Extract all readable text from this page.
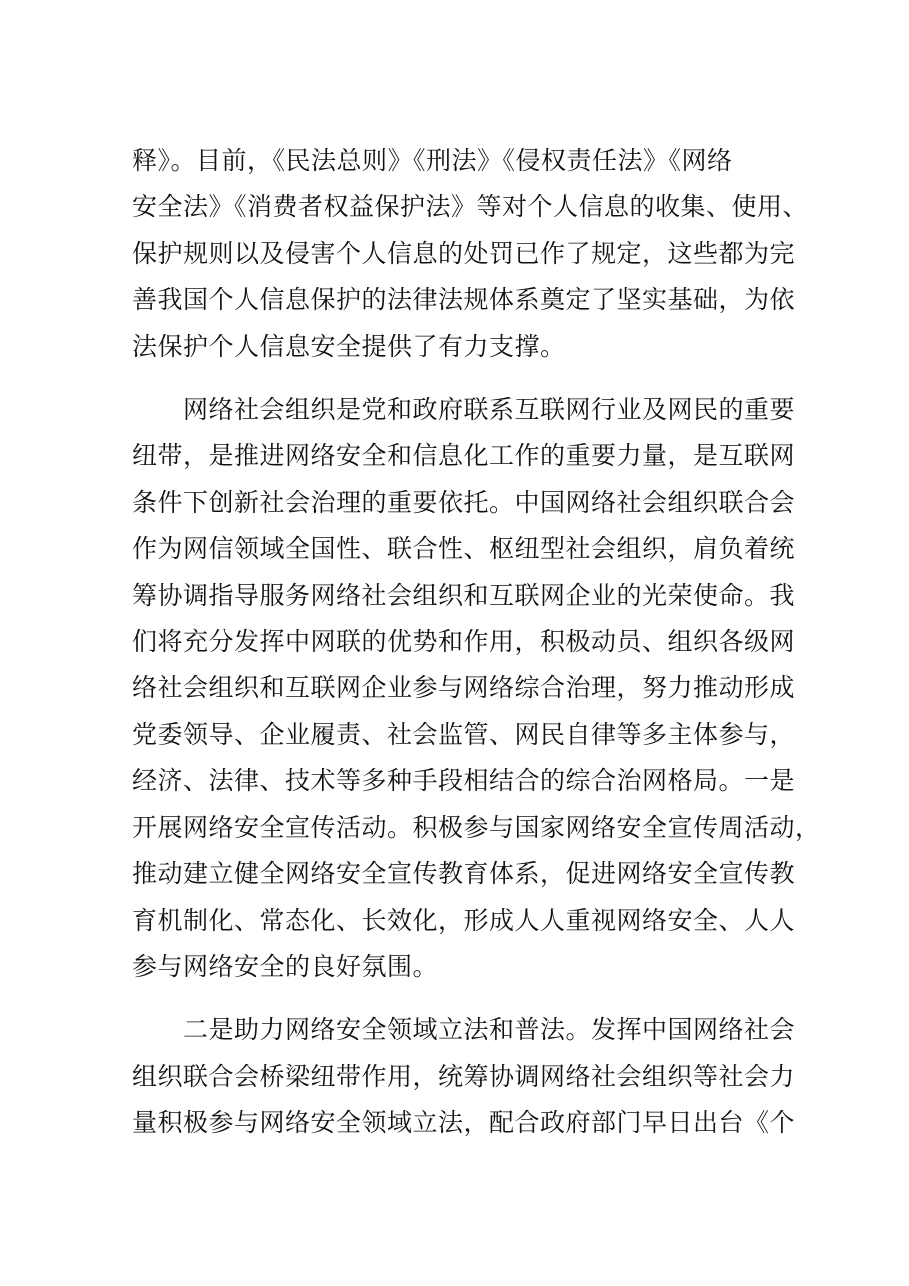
释》。目前，《民法总则》《刑法》《侵权责任法》《网络
安全法》《消费者权益保护法》等对个人信息的收集、使用、
保护规则以及侵害个人信息的处罚已作了规定，这些都为完
善我国个人信息保护的法律法规体系奠定了坚实基础，为依
法保护个人信息安全提供了有力支撑。

　　网络社会组织是党和政府联系互联网行业及网民的重要
纽带，是推进网络安全和信息化工作的重要力量，是互联网
条件下创新社会治理的重要依托。中国网络社会组织联合会
作为网信领域全国性、联合性、枢纽型社会组织，肩负着统
筹协调指导服务网络社会组织和互联网企业的光荣使命。我
们将充分发挥中网联的优势和作用，积极动员、组织各级网
络社会组织和互联网企业参与网络综合治理，努力推动形成
党委领导、企业履责、社会监管、网民自律等多主体参与，
经济、法律、技术等多种手段相结合的综合治网格局。一是
开展网络安全宣传活动。积极参与国家网络安全宣传周活动，
推动建立健全网络安全宣传教育体系，促进网络安全宣传教
育机制化、常态化、长效化，形成人人重视网络安全、人人
参与网络安全的良好氛围。

　　二是助力网络安全领域立法和普法。发挥中国网络社会
组织联合会桥梁纽带作用，统筹协调网络社会组织等社会力
量积极参与网络安全领域立法，配合政府部门早日出台《个
